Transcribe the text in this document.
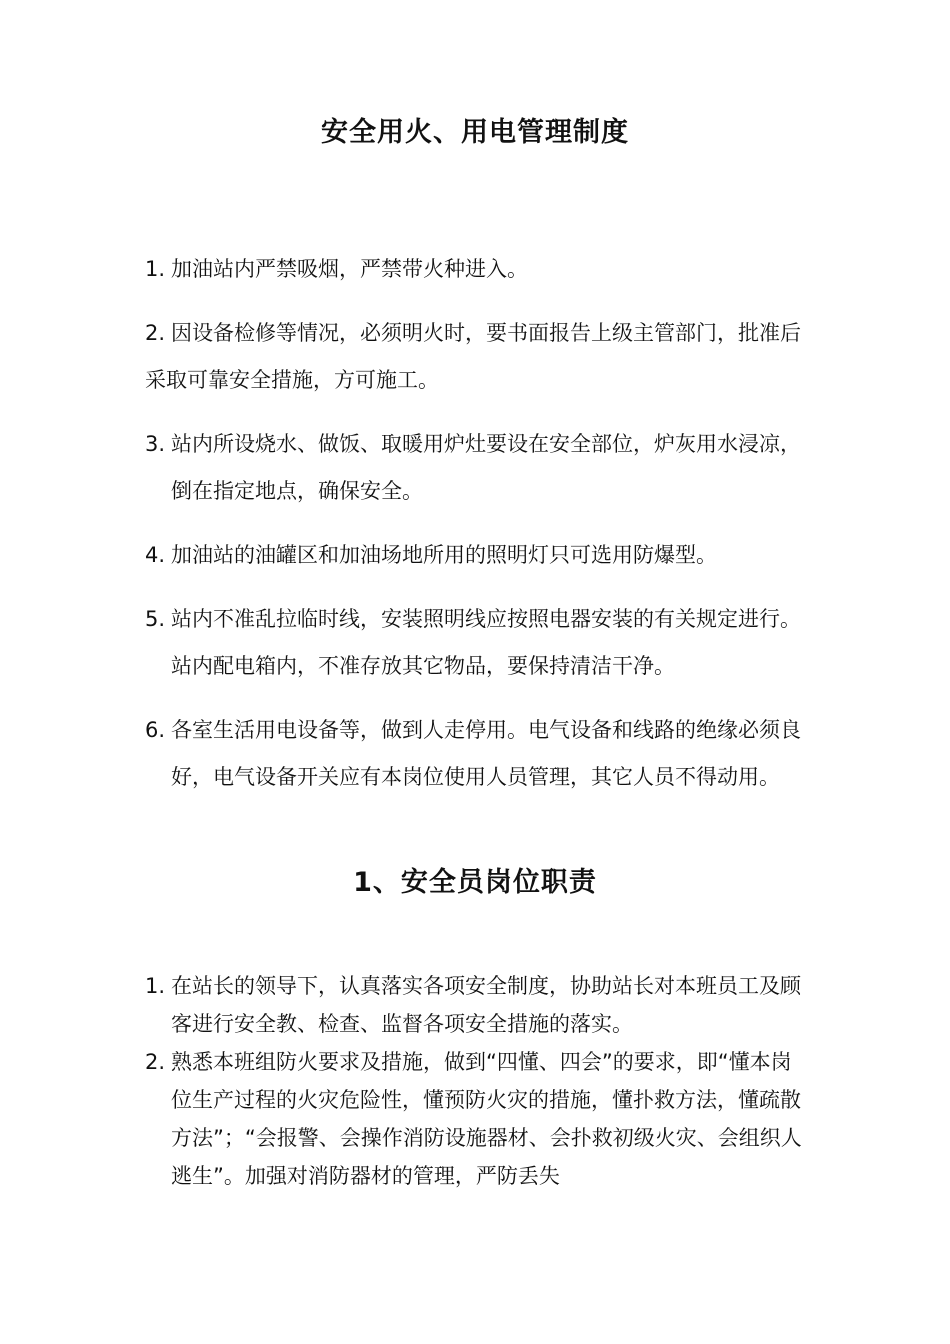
安全用火、用电管理制度
1. 加油站内严禁吸烟，严禁带火种进入。
2. 因设备检修等情况，必须明火时，要书面报告上级主管部门，批准后采取可靠安全措施，方可施工。
3. 站内所设烧水、做饭、取暖用炉灶要设在安全部位，炉灰用水浸凉，倒在指定地点，确保安全。
4. 加油站的油罐区和加油场地所用的照明灯只可选用防爆型。
5. 站内不准乱拉临时线，安装照明线应按照电器安装的有关规定进行。站内配电箱内，不准存放其它物品，要保持清洁干净。
6. 各室生活用电设备等，做到人走停用。电气设备和线路的绝缘必须良好，电气设备开关应有本岗位使用人员管理，其它人员不得动用。
1、安全员岗位职责
1. 在站长的领导下，认真落实各项安全制度，协助站长对本班员工及顾客进行安全教、检查、监督各项安全措施的落实。
2. 熟悉本班组防火要求及措施，做到“四懂、四会”的要求，即“懂本岗位生产过程的火灾危险性，懂预防火灾的措施，懂扑救方法，懂疏散方法”；“会报警、会操作消防设施器材、会扑救初级火灾、会组织人逃生”。加强对消防器材的管理，严防丢失
